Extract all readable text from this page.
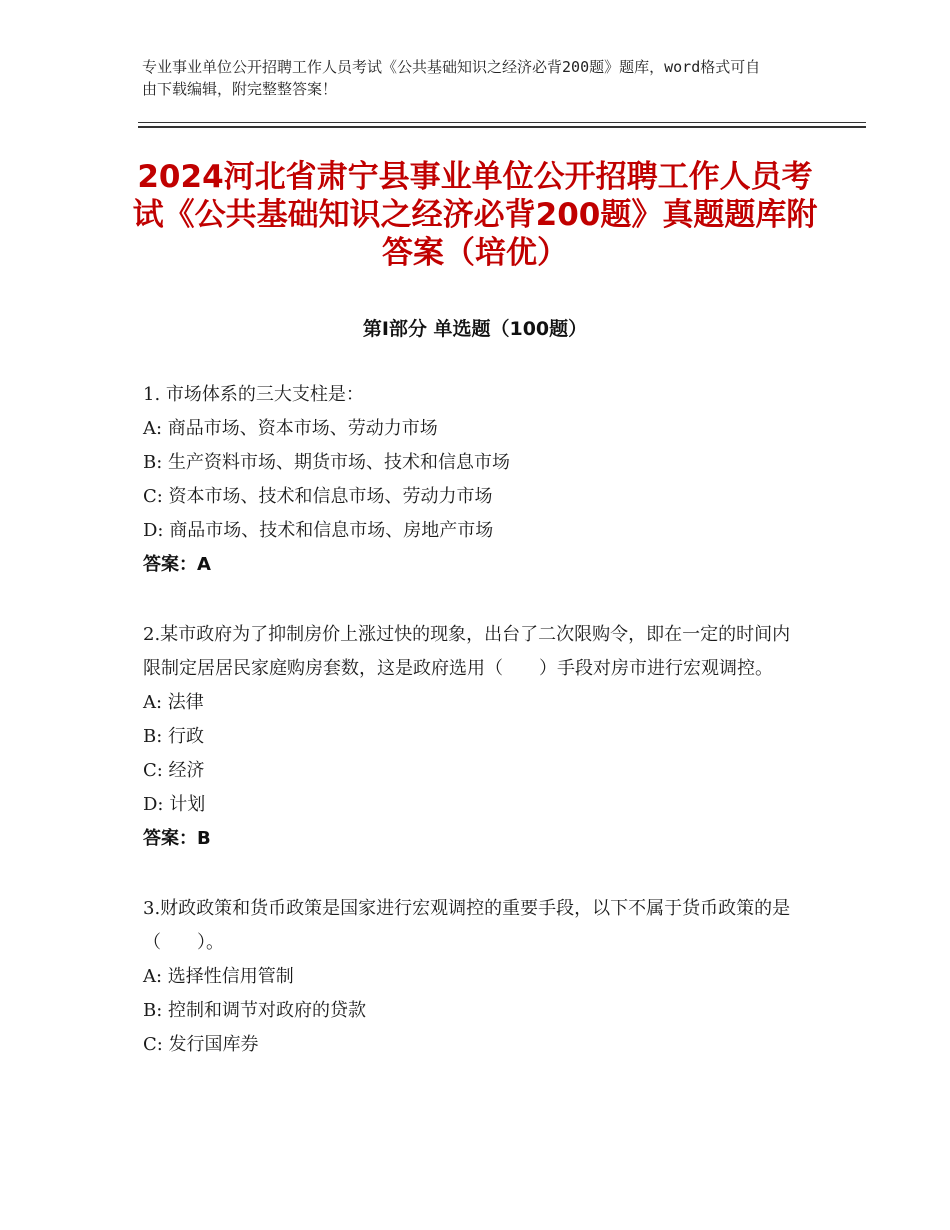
专业事业单位公开招聘工作人员考试《公共基础知识之经济必背200题》题库，word格式可自由下载编辑，附完整整答案！
2024河北省肃宁县事业单位公开招聘工作人员考试《公共基础知识之经济必背200题》真题题库附答案（培优）
第Ⅰ部分 单选题（100题）

1. 市场体系的三大支柱是：

A: 商品市场、资本市场、劳动力市场

B: 生产资料市场、期货市场、技术和信息市场

C: 资本市场、技术和信息市场、劳动力市场

D: 商品市场、技术和信息市场、房地产市场

答案：A

2.某市政府为了抑制房价上涨过快的现象，出台了二次限购令，即在一定的时间内限制定居居民家庭购房套数，这是政府选用（　　）手段对房市进行宏观调控。

A: 法律

B: 行政

C: 经济

D: 计划

答案：B

3.财政政策和货币政策是国家进行宏观调控的重要手段，以下不属于货币政策的是（　　）。

A: 选择性信用管制

B: 控制和调节对政府的贷款

C: 发行国库券
